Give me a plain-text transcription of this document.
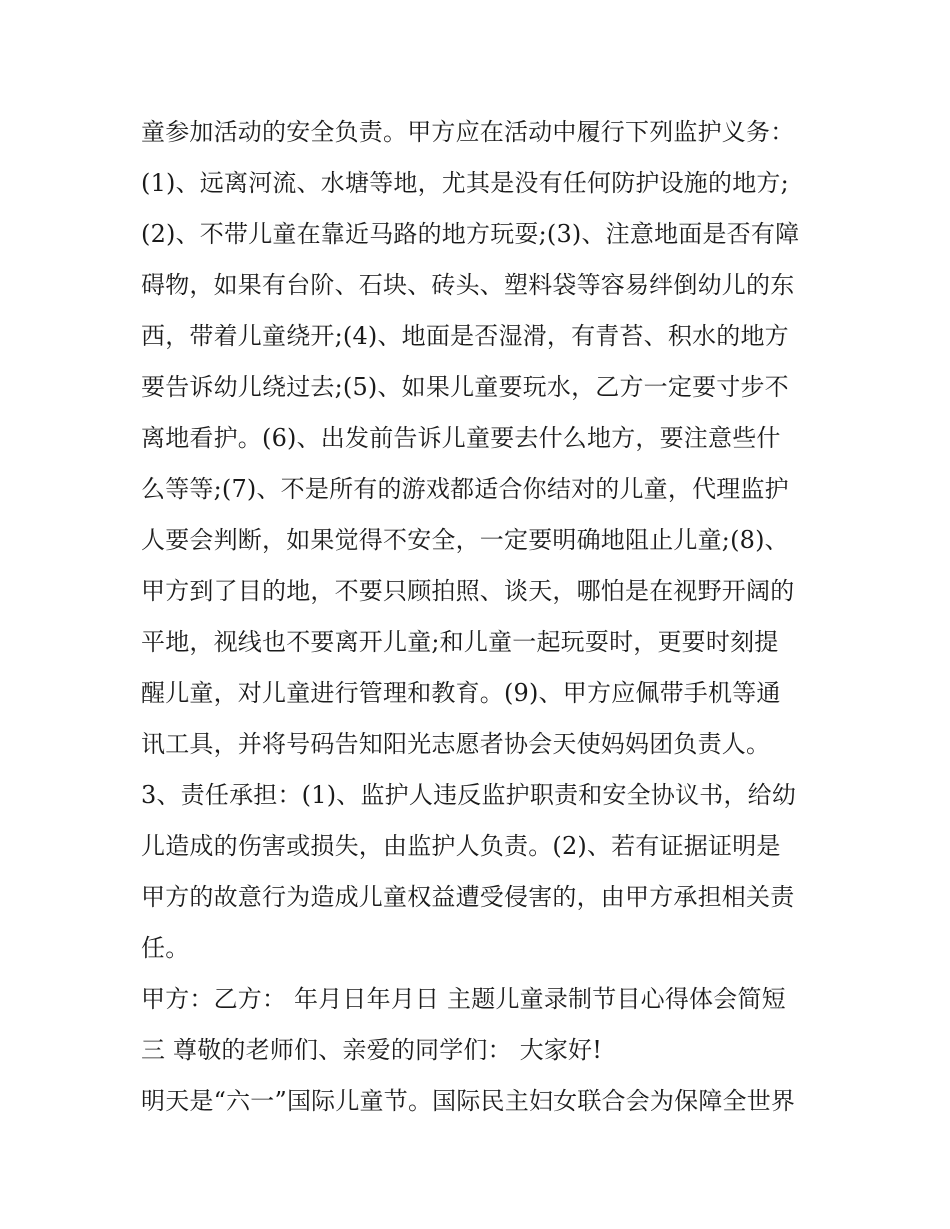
童参加活动的安全负责。甲方应在活动中履行下列监护义务：
(1)、远离河流、水塘等地，尤其是没有任何防护设施的地方;
(2)、不带儿童在靠近马路的地方玩耍;(3)、注意地面是否有障
碍物，如果有台阶、石块、砖头、塑料袋等容易绊倒幼儿的东
西，带着儿童绕开;(4)、地面是否湿滑，有青苔、积水的地方
要告诉幼儿绕过去;(5)、如果儿童要玩水，乙方一定要寸步不
离地看护。(6)、出发前告诉儿童要去什么地方，要注意些什
么等等;(7)、不是所有的游戏都适合你结对的儿童，代理监护
人要会判断，如果觉得不安全，一定要明确地阻止儿童;(8)、
甲方到了目的地，不要只顾拍照、谈天，哪怕是在视野开阔的
平地，视线也不要离开儿童;和儿童一起玩耍时，更要时刻提
醒儿童，对儿童进行管理和教育。(9)、甲方应佩带手机等通
讯工具，并将号码告知阳光志愿者协会天使妈妈团负责人。
3、责任承担：(1)、监护人违反监护职责和安全协议书，给幼
儿造成的伤害或损失，由监护人负责。(2)、若有证据证明是
甲方的故意行为造成儿童权益遭受侵害的，由甲方承担相关责
任。
甲方：乙方： 年月日年月日 主题儿童录制节目心得体会简短
三 尊敬的老师们、亲爱的同学们： 大家好!
明天是“六一”国际儿童节。国际民主妇女联合会为保障全世界
